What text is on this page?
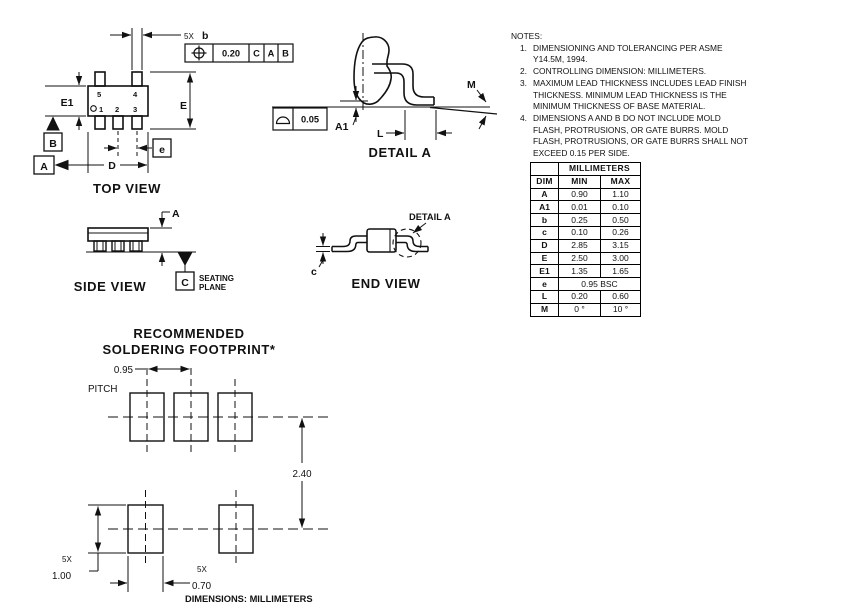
5X b
0.20 C A B
5	4
1 2 3	E
E1
B
A	D
e
TOP VIEW
A1
0.05
L
M
DETAIL A
A
C SEATING
PLANE
SIDE VIEW
DETAIL A
c
END VIEW
RECOMMENDED
SOLDERING FOOTPRINT*
0.95
PITCH
2.40
5X
1.00
5X
0.70
DIMENSIONS: MILLIMETERS
NOTES:
1. DIMENSIONING AND TOLERANCING PER ASME
Y14.5M, 1994.
2. CONTROLLING DIMENSION: MILLIMETERS.
3. MAXIMUM LEAD THICKNESS INCLUDES LEAD FINISH
THICKNESS. MINIMUM LEAD THICKNESS IS THE
MINIMUM THICKNESS OF BASE MATERIAL.
4. DIMENSIONS A AND B DO NOT INCLUDE MOLD
FLASH, PROTRUSIONS, OR GATE BURRS. MOLD
FLASH, PROTRUSIONS, OR GATE BURRS SHALL NOT
EXCEED 0.15 PER SIDE.
	MILLIMETERS	
DIM	MIN	MAX
A	0.90	1.10
A1	0.01	0.10
b	0.25	0.50
c	0.10	0.26
D	2.85	3.15
E	2.50	3.00
E1	1.35	1.65
e	0.95 BSC	
L	0.20	0.60
M	0 °	10 °
